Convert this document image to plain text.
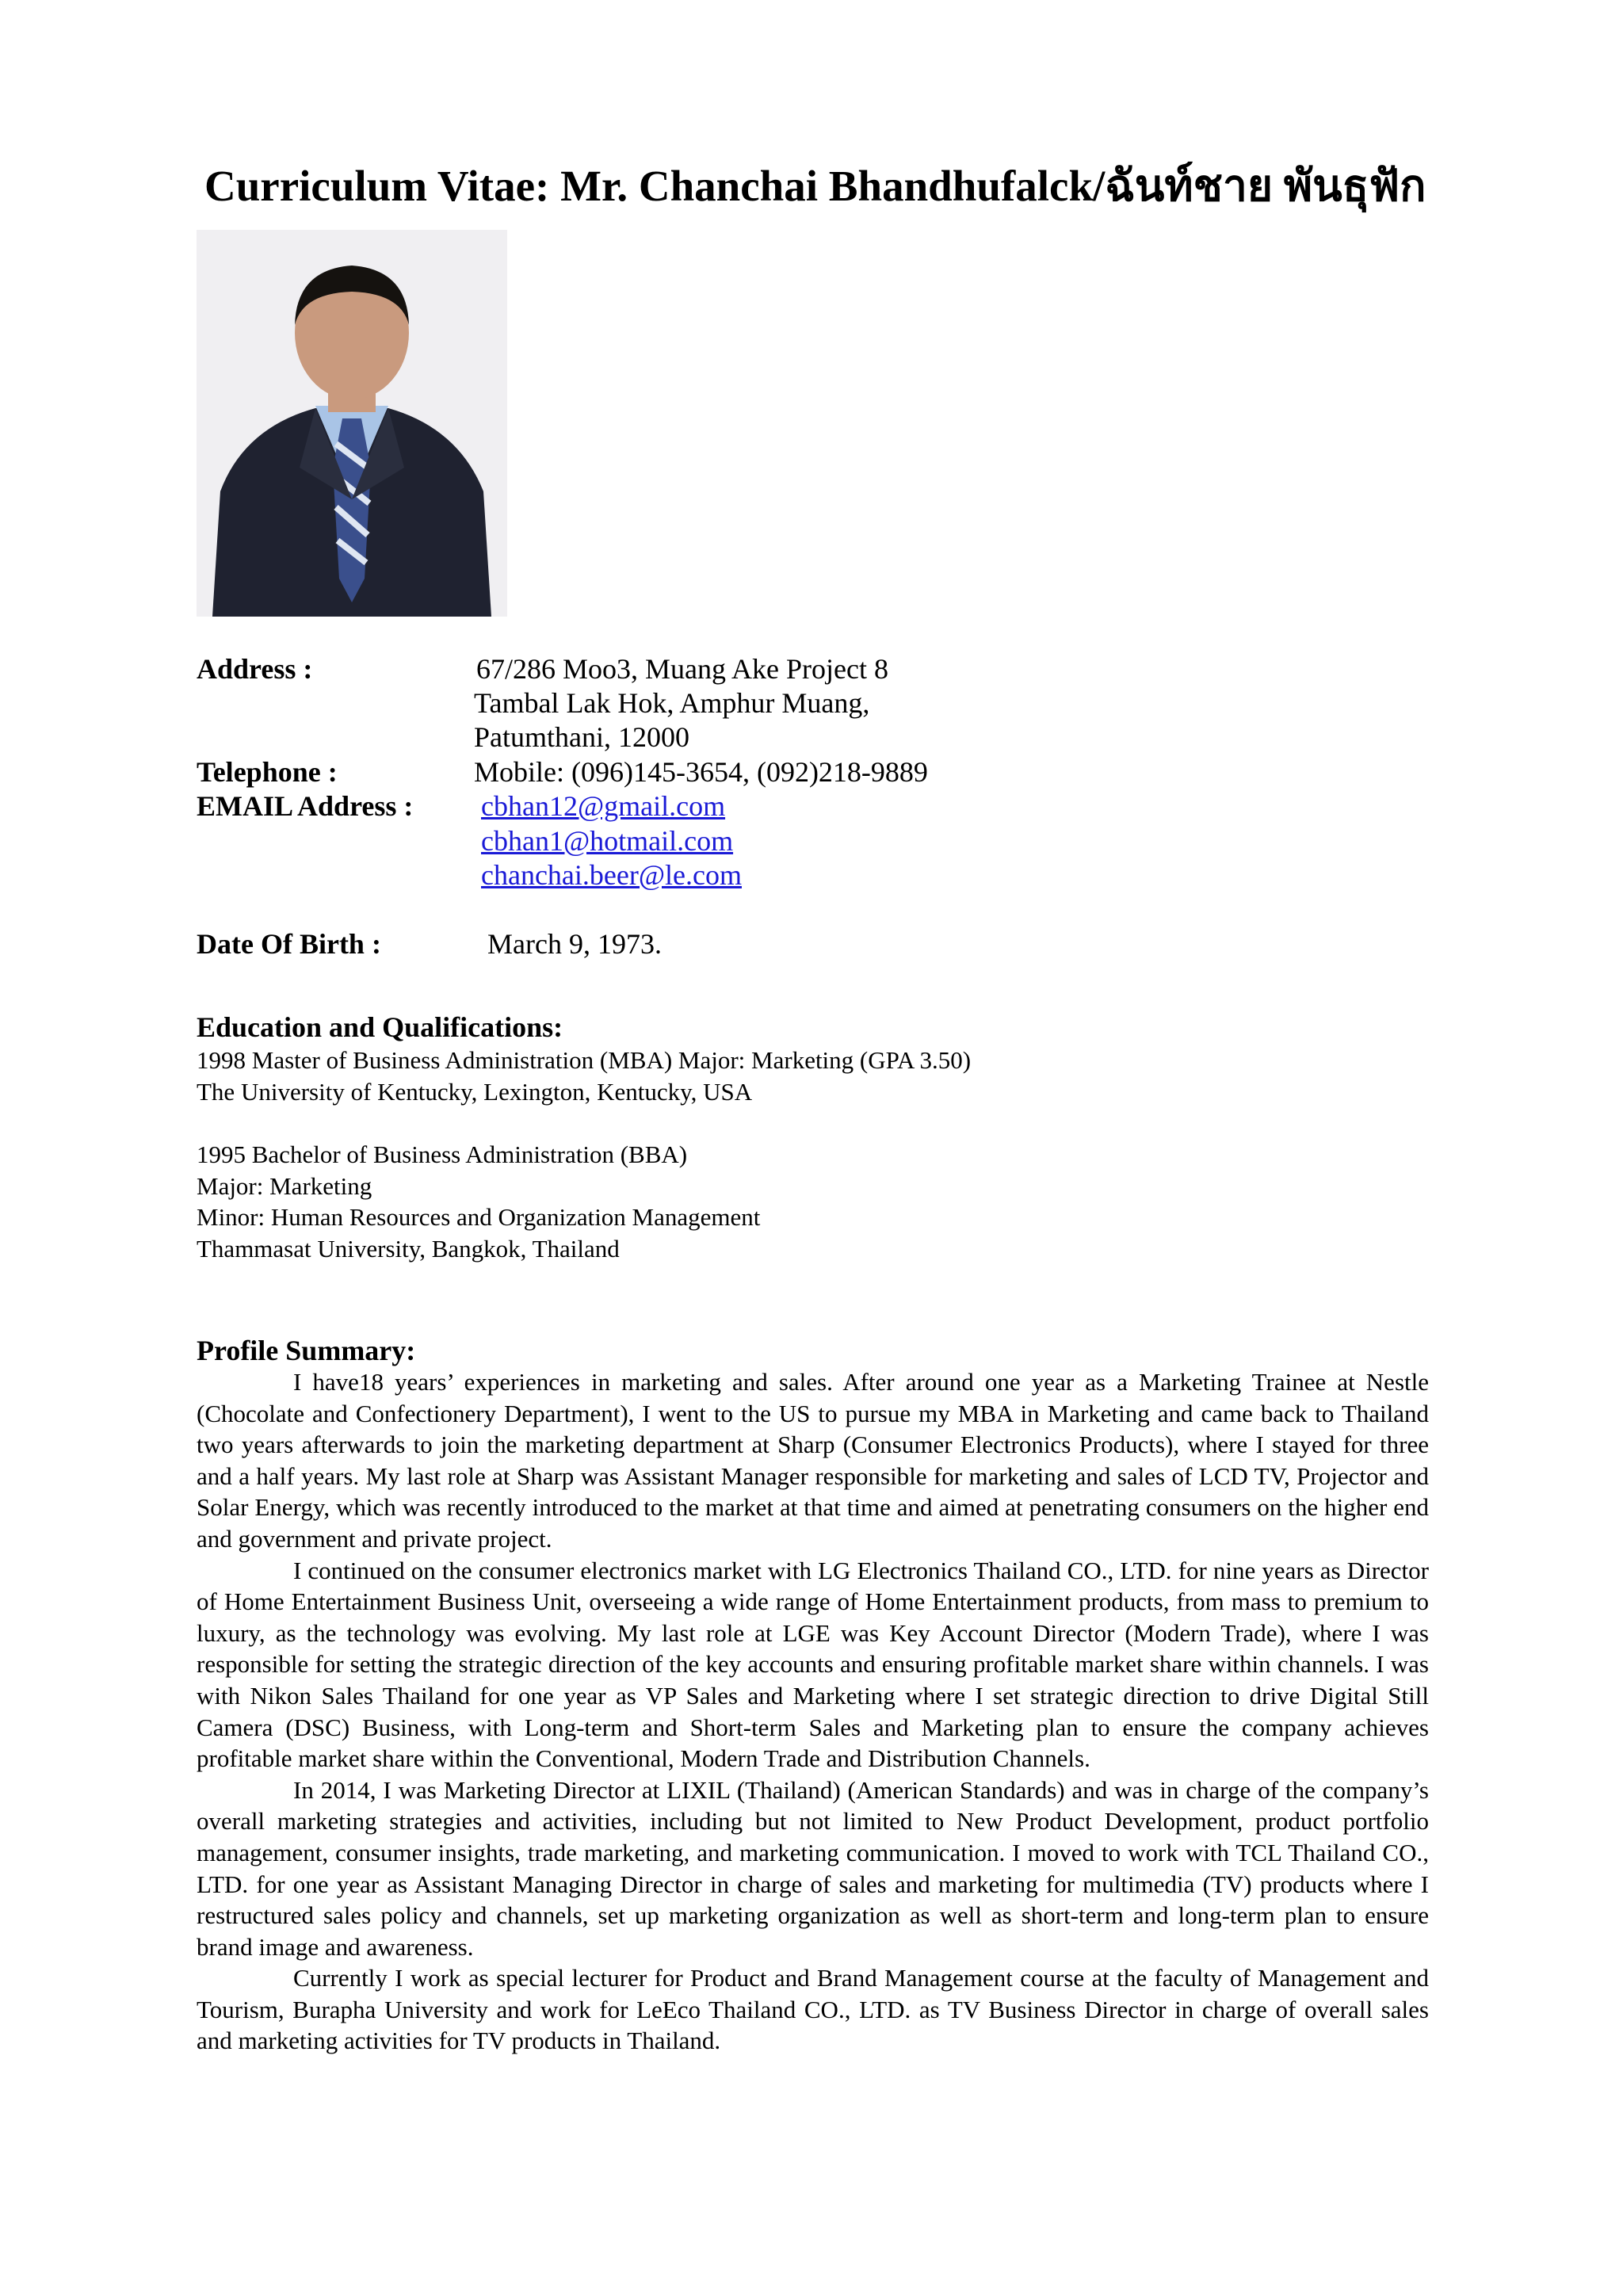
Curriculum Vitae: Mr. Chanchai Bhandhufalck/ฉันท์ชาย พันธุฟัก
Address :	67/286 Moo3, Muang Ake Project 8
Tambal Lak Hok, Amphur Muang,
Patumthani, 12000
Telephone :	Mobile: (096)145-3654, (092)218-9889
EMAIL Address : cbhan12@gmail.com
cbhan1@hotmail.com
chanchai.beer@le.com
Date Of Birth :	March 9, 1973.
Education and Qualifications:
1998 Master of Business Administration (MBA) Major: Marketing (GPA 3.50)
The University of Kentucky, Lexington, Kentucky, USA
1995 Bachelor of Business Administration (BBA)
Major: Marketing
Minor: Human Resources and Organization Management
Thammasat University, Bangkok, Thailand
Profile Summary:

I have18 years’ experiences in marketing and sales. After around one year as a Marketing Trainee at Nestle (Chocolate and Confectionery Department), I went to the US to pursue my MBA in Marketing and came back to Thailand two years afterwards to join the marketing department at Sharp (Consumer Electronics Products), where I stayed for three and a half years. My last role at Sharp was Assistant Manager responsible for marketing and sales of LCD TV, Projector and Solar Energy, which was recently introduced to the market at that time and aimed at penetrating consumers on the higher end and government and private project.

I continued on the consumer electronics market with LG Electronics Thailand CO., LTD. for nine years as Director of Home Entertainment Business Unit, overseeing a wide range of Home Entertainment products, from mass to premium to luxury, as the technology was evolving. My last role at LGE was Key Account Director (Modern Trade), where I was responsible for setting the strategic direction of the key accounts and ensuring profitable market share within channels. I was with Nikon Sales Thailand for one year as VP Sales and Marketing where I set strategic direction to drive Digital Still Camera (DSC) Business, with Long-term and Short-term Sales and Marketing plan to ensure the company achieves profitable market share within the Conventional, Modern Trade and Distribution Channels.

In 2014, I was Marketing Director at LIXIL (Thailand) (American Standards) and was in charge of the company’s overall marketing strategies and activities, including but not limited to New Product Development, product portfolio management, consumer insights, trade marketing, and marketing communication. I moved to work with TCL Thailand CO., LTD. for one year as Assistant Managing Director in charge of sales and marketing for multimedia (TV) products where I restructured sales policy and channels, set up marketing organization as well as short-term and long-term plan to ensure brand image and awareness.

Currently I work as special lecturer for Product and Brand Management course at the faculty of Management and Tourism, Burapha University and work for LeEco Thailand CO., LTD. as TV Business Director in charge of overall sales and marketing activities for TV products in Thailand.
